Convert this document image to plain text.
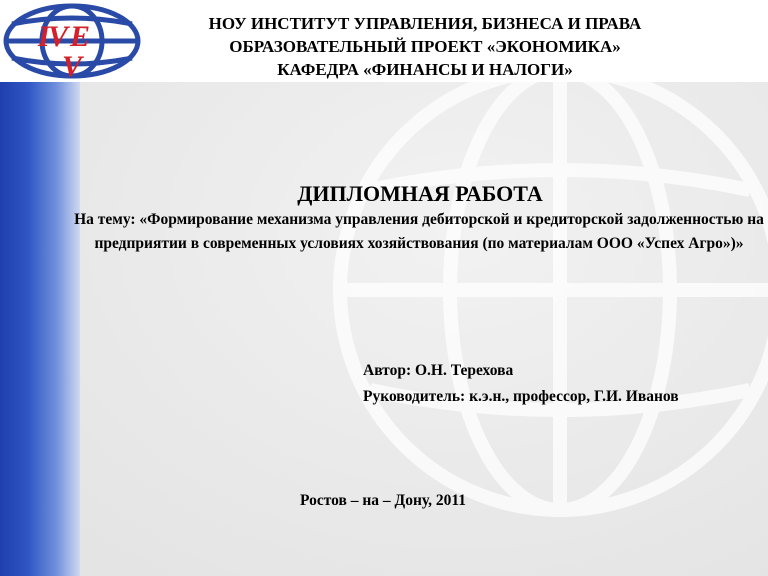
I
V E
V
НОУ ИНСТИТУТ УПРАВЛЕНИЯ, БИЗНЕСА И ПРАВА
ОБРАЗОВАТЕЛЬНЫЙ ПРОЕКТ «ЭКОНОМИКА»
КАФЕДРА «ФИНАНСЫ И НАЛОГИ»
ДИПЛОМНАЯ РАБОТА
На тему: «Формирование механизма управления дебиторской и кредиторской задолженностью на предприятии в современных условиях хозяйствования (по материалам ООО «Успех Агро»)»
Автор: О.Н. Терехова
Руководитель: к.э.н., профессор, Г.И. Иванов
Ростов – на – Дону, 2011
